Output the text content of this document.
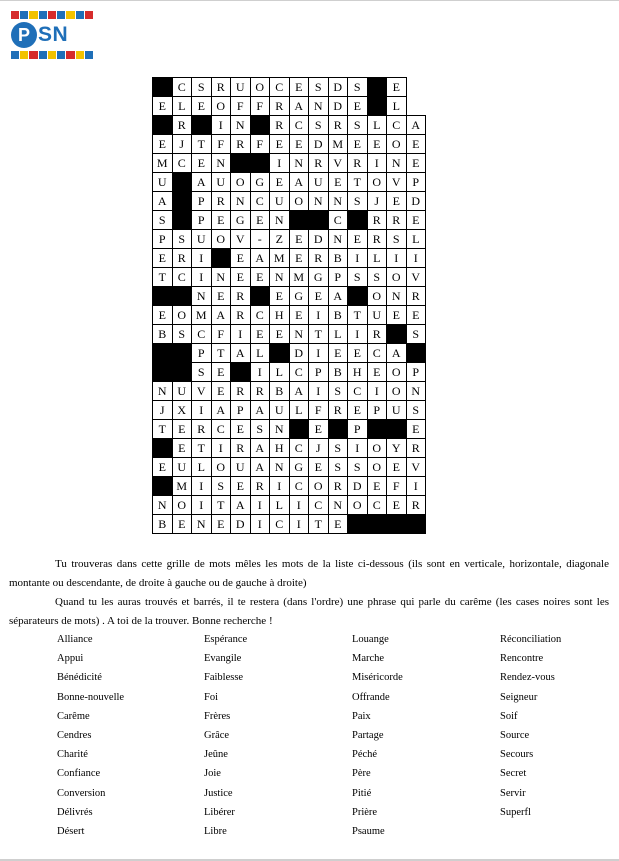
P SN
	C	S	R	U	O	C	E	S	D	S		E	
E	L	E	O	F	F	R	A	N	D	E		L	
	R		I	N		R	C	S	R	S	L	C	A
E	J	T	F	R	F	E	E	D	M	E	E	O	E
M	C	E	N			I	N	R	V	R	I	N	E
U		A	U	O	G	E	A	U	E	T	O	V	P
A		P	R	N	C	U	O	N	N	S	J	E	D
S		P	E	G	E	N			C		R	R	E
P	S	U	O	V	-	Z	E	D	N	E	R	S	L
E	R	I		E	A	M	E	R	B	I	L	I	I
T	C	I	N	E	E	N	M	G	P	S	S	O	V
		N	E	R		E	G	E	A		O	N	R
E	O	M	A	R	C	H	E	I	B	T	U	E	E
B	S	C	F	I	E	E	N	T	L	I	R		S
		P	T	A	L		D	I	E	E	C	A	
		S	E		I	L	C	P	B	H	E	O	P
N	U	V	E	R	R	B	A	I	S	C	I	O	N
J	X	I	A	P	A	U	L	F	R	E	P	U	S
T	E	R	C	E	S	N		E		P			E
	E	T	I	R	A	H	C	J	S	I	O	Y	R
E	U	L	O	U	A	N	G	E	S	S	O	E	V
	M	I	S	E	R	I	C	O	R	D	E	F	I
N	O	I	T	A	I	L	I	C	N	O	C	E	R
B	E	N	E	D	I	C	I	T	E				

Tu trouveras dans cette grille de mots mêles les mots de la liste ci-dessous (ils sont en verticale, horizontale, diagonale montante ou descendante, de droite à gauche ou de gauche à droite)

Quand tu les auras trouvés et barrés, il te restera (dans l'ordre) une phrase qui parle du carême (les cases noires sont les séparateurs de mots) . A toi de la trouver. Bonne recherche !

Alliance
Appui
Bénédicité
Bonne-nouvelle
Carême
Cendres
Charité
Confiance
Conversion
Délivrés
Désert
Espérance
Evangile
Faiblesse
Foi
Frères
Grâce
Jeûne
Joie
Justice
Libérer
Libre
Louange
Marche
Miséricorde
Offrande
Paix
Partage
Péché
Père
Pitié
Prière
Psaume
Réconciliation
Rencontre
Rendez-vous
Seigneur
Soif
Source
Secours
Secret
Servir
Superfl
